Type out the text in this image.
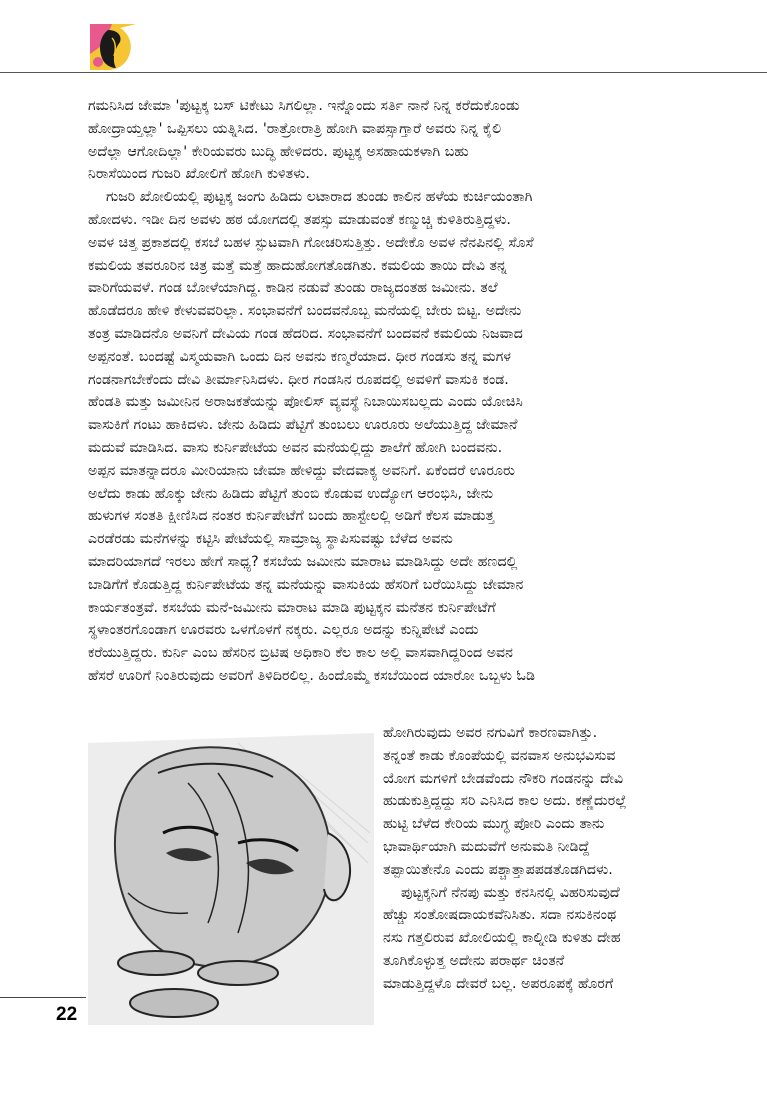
ಗಮನಿಸಿದ ಜೇಮಾ 'ಪುಟ್ಟಕ್ಕ ಬಸ್ ಟಿಕೇಟು ಸಿಗಲಿಲ್ಲಾ. ಇನ್ನೊಂದು ಸರ್ತಿ ನಾನೆ ನಿನ್ನ ಕರೆದುಕೊಂಡು
ಹೋದ್ರಾಯ್ತಲ್ಲಾ' ಒಪ್ಪಿಸಲು ಯತ್ನಿಸಿದ. 'ರಾತ್ರೋರಾತ್ರಿ ಹೋಗಿ ವಾಪಸ್ಸಾಗ್ತಾರೆ ಅವರು ನಿನ್ನ ಕೈಲಿ
ಅದೆಲ್ಲಾ ಆಗೋದಿಲ್ಲಾ' ಕೇರಿಯವರು ಬುದ್ಧಿ ಹೇಳಿದರು. ಪುಟ್ಟಕ್ಕ ಅಸಹಾಯಕಳಾಗಿ ಬಹು
ನಿರಾಸೆಯಿಂದ ಗುಜರಿ ಖೋಲಿಗೆ ಹೋಗಿ ಕುಳಿತಳು.
ಗುಜರಿ ಖೋಲಿಯಲ್ಲಿ ಪುಟ್ಟಕ್ಕ ಜಂಗು ಹಿಡಿದು ಲಟಾರಾದ ತುಂಡು ಕಾಲಿನ ಹಳೆಯ ಕುರ್ಚಿಯಂತಾಗಿ
ಹೋದಳು. ಇಡೀ ದಿನ ಅವಳು ಹಠ ಯೋಗದಲ್ಲಿ ತಪಸ್ಸು ಮಾಡುವಂತೆ ಕಣ್ಮುಚ್ಚಿ ಕುಳಿತಿರುತ್ತಿದ್ದಳು.
ಅವಳ ಚಿತ್ತ ಪ್ರಕಾಶದಲ್ಲಿ ಕಸಬೆ ಬಹಳ ಸ್ಪುಟವಾಗಿ ಗೋಚರಿಸುತ್ತಿತ್ತು. ಅದೇಕೊ ಅವಳ ನೆನಪಿನಲ್ಲಿ ಸೊಸೆ
ಕಮಲಿಯ ತವರೂರಿನ ಚಿತ್ರ ಮತ್ತೆ ಮತ್ತೆ ಹಾದುಹೋಗತೊಡಗಿತು. ಕಮಲಿಯ ತಾಯಿ ದೇವಿ ತನ್ನ
ವಾರಿಗೆಯವಳೆ. ಗಂಡ ಬೋಳೆಯಾಗಿದ್ದ. ಕಾಡಿನ ನಡುವೆ ತುಂಡು ರಾಜ್ಯದಂತಹ ಜಮೀನು. ತಲೆ
ಹೊಡೆದರೂ ಹೇಳಿ ಕೇಳುವವರಿಲ್ಲಾ. ಸಂಭಾವನೆಗೆ ಬಂದವನೊಬ್ಬ ಮನೆಯಲ್ಲಿ ಬೇರು ಬಿಟ್ಟ. ಅದೇನು
ತಂತ್ರ ಮಾಡಿದನೊ ಅವನಿಗೆ ದೇವಿಯ ಗಂಡ ಹೆದರಿದ. ಸಂಭಾವನೆಗೆ ಬಂದವನೆ ಕಮಲಿಯ ನಿಜವಾದ
ಅಪ್ಪನಂತೆ. ಬಂದಷ್ಟೆ ವಿಸ್ಮಯವಾಗಿ ಒಂದು ದಿನ ಅವನು ಕಣ್ಮರೆಯಾದ. ಧೀರ ಗಂಡಸು ತನ್ನ ಮಗಳ
ಗಂಡನಾಗಬೇಕೆಂದು ದೇವಿ ತೀರ್ಮಾನಿಸಿದಳು. ಧೀರ ಗಂಡಸಿನ ರೂಪದಲ್ಲಿ ಅವಳಿಗೆ ವಾಸುಕಿ ಕಂಡ.
ಹೆಂಡತಿ ಮತ್ತು ಜಮೀನಿನ ಅರಾಜಕತೆಯನ್ನು ಪೋಲಿಸ್ ವ್ಯವಸ್ಥೆ ನಿಬಾಯಿಸಬಲ್ಲದು ಎಂದು ಯೋಚಿಸಿ
ವಾಸುಕಿಗೆ ಗಂಟು ಹಾಕಿದಳು. ಜೇನು ಹಿಡಿದು ಪೆಟ್ಟಿಗೆ ತುಂಬಲು ಊರೂರು ಅಲೆಯುತ್ತಿದ್ದ ಜೇಮಾನೆ
ಮದುವೆ ಮಾಡಿಸಿದ. ವಾಸು ಕುರ್ನಿಪೇಟೆಯ ಅವನ ಮನೆಯಲ್ಲಿದ್ದು ಶಾಲೆಗೆ ಹೋಗಿ ಬಂದವನು.
ಅಪ್ಪನ ಮಾತನ್ನಾದರೂ ಮೀರಿಯಾನು ಜೇಮಾ ಹೇಳಿದ್ದು ವೇದವಾಕ್ಯ ಅವನಿಗೆ. ಏಕೆಂದರೆ ಊರೂರು
ಅಲೆದು ಕಾಡು ಹೊಕ್ಕು ಜೇನು ಹಿಡಿದು ಪೆಟ್ಟಿಗೆ ತುಂಬಿ ಕೊಡುವ ಉದ್ಯೋಗ ಆರಂಭಿಸಿ, ಜೇನು
ಹುಳುಗಳ ಸಂತತಿ ಕ್ಷೀಣಿಸಿದ ನಂತರ ಕುರ್ನಿಪೇಟೆಗೆ ಬಂದು ಹಾಸ್ಟೇಲಲ್ಲಿ ಅಡಿಗೆ ಕೆಲಸ ಮಾಡುತ್ತ
ಎರಡೆರಡು ಮನೆಗಳನ್ನು ಕಟ್ಟಿಸಿ ಪೇಟೆಯಲ್ಲಿ ಸಾಮ್ರಾಜ್ಯ ಸ್ಥಾಪಿಸುವಷ್ಟು ಬೆಳೆದ ಅವನು
ಮಾದರಿಯಾಗದೆ ಇರಲು ಹೇಗೆ ಸಾಧ್ಯ? ಕಸಬೆಯ ಜಮೀನು ಮಾರಾಟ ಮಾಡಿಸಿದ್ದು ಅದೇ ಹಣದಲ್ಲಿ
ಬಾಡಿಗೆಗೆ ಕೊಡುತ್ತಿದ್ದ ಕುರ್ನಿಪೇಟೆಯ ತನ್ನ ಮನೆಯನ್ನು ವಾಸುಕಿಯ ಹೆಸರಿಗೆ ಬರೆಯಿಸಿದ್ದು ಜೇಮಾನ
ಕಾರ್ಯತಂತ್ರವೆ. ಕಸಬೆಯ ಮನೆ-ಜಮೀನು ಮಾರಾಟ ಮಾಡಿ ಪುಟ್ಟಕ್ಕನ ಮನೆತನ ಕುರ್ನಿಪೇಟೆಗೆ
ಸ್ಥಳಾಂತರಗೊಂಡಾಗ ಊರವರು ಒಳಗೊಳಗೆ ನಕ್ಕರು. ಎಲ್ಲರೂ ಅದನ್ನು ಕುನ್ನಿಪೇಟೆ ಎಂದು
ಕರೆಯುತ್ತಿದ್ದರು. ಕುರ್ನಿ ಎಂಬ ಹೆಸರಿನ ಬ್ರಿಟಿಷ ಅಧಿಕಾರಿ ಕೆಲ ಕಾಲ ಅಲ್ಲಿ ವಾಸವಾಗಿದ್ದರಿಂದ ಅವನ
ಹೆಸರೆ ಊರಿಗೆ ನಿಂತಿರುವುದು ಅವರಿಗೆ ತಿಳಿದಿರಲಿಲ್ಲ. ಹಿಂದೊಮ್ಮೆ ಕಸಬೆಯಿಂದ ಯಾರೋ ಒಬ್ಬಳು ಓಡಿ
ಹೋಗಿರುವುದು ಅವರ ನಗುವಿಗೆ ಕಾರಣವಾಗಿತ್ತು.
ತನ್ನಂತೆ ಕಾಡು ಕೊಂಪೆಯಲ್ಲಿ ವನವಾಸ ಅನುಭವಿಸುವ
ಯೋಗ ಮಗಳಿಗೆ ಬೇಡವೆಂದು ನೌಕರಿ ಗಂಡನನ್ನು ದೇವಿ
ಹುಡುಕುತ್ತಿದ್ದದ್ದು ಸರಿ ಎನಿಸಿದ ಕಾಲ ಅದು. ಕಣ್ಣೆದುರಲ್ಲೆ
ಹುಟ್ಟಿ ಬೆಳೆದ ಕೇರಿಯ ಮುಗ್ಧ ಪೋರಿ ಎಂದು ತಾನು
ಭಾವಾರ್ಥಿಯಾಗಿ ಮದುವೆಗೆ ಅನುಮತಿ ನೀಡಿದ್ದೆ
ತಪ್ಪಾಯಿತೇನೊ ಎಂದು ಪಶ್ಚಾತ್ತಾಪಪಡತೊಡಗಿದಳು.
ಪುಟ್ಟಕ್ಕನಿಗೆ ನೆನಪು ಮತ್ತು ಕನಸಿನಲ್ಲಿ ವಿಹರಿಸುವುದೆ
ಹೆಚ್ಚು ಸಂತೋಷದಾಯಕವೆನಿಸಿತು. ಸದಾ ನಸುಕಿನಂಥ
ನಸು ಗತ್ತಲಿರುವ ಖೋಲಿಯಲ್ಲಿ ಕಾಲ್ನೀಡಿ ಕುಳಿತು ದೇಹ
ತೂಗಿಕೊಳ್ಳುತ್ತ ಅದೇನು ಪರಾರ್ಥ ಚಿಂತನೆ
ಮಾಡುತ್ತಿದ್ದಳೊ ದೇವರೆ ಬಲ್ಲ. ಅಪರೂಪಕ್ಕೆ ಹೊರಗೆ
22
